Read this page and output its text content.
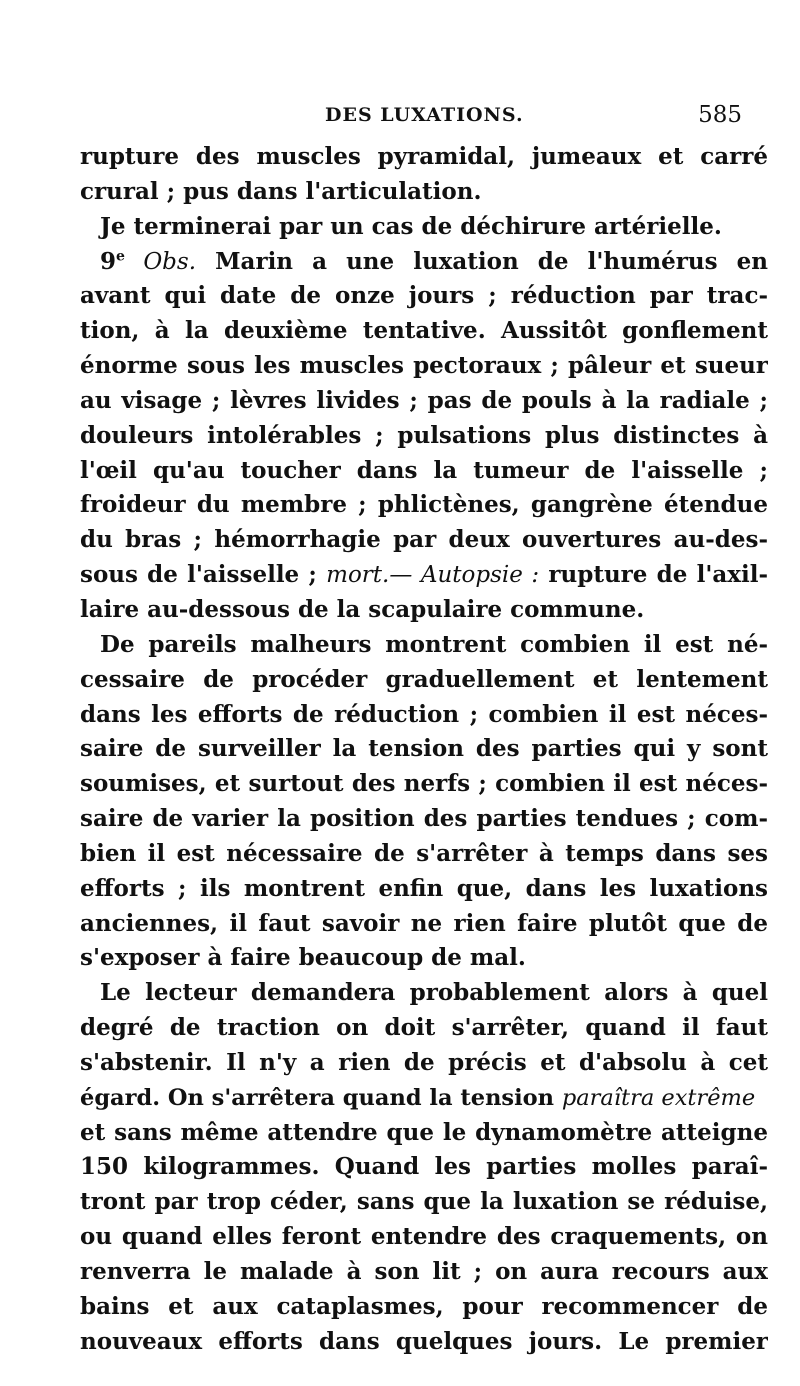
DES LUXATIONS.	585
rupture des muscles pyramidal, jumeaux et carré
crural ; pus dans l'articulation.
Je terminerai par un cas de déchirure artérielle.
9e Obs. Marin a une luxation de l'humérus en
avant qui date de onze jours ; réduction par trac-
tion, à la deuxième tentative. Aussitôt gonflement
énorme sous les muscles pectoraux ; pâleur et sueur
au visage ; lèvres livides ; pas de pouls à la radiale ;
douleurs intolérables ; pulsations plus distinctes à
l'œil qu'au toucher dans la tumeur de l'aisselle ;
froideur du membre ; phlictènes, gangrène étendue
du bras ; hémorrhagie par deux ouvertures au-des-
sous de l'aisselle ; mort.— Autopsie : rupture de l'axil-
laire au-dessous de la scapulaire commune.
De pareils malheurs montrent combien il est né-
cessaire de procéder graduellement et lentement
dans les efforts de réduction ; combien il est néces-
saire de surveiller la tension des parties qui y sont
soumises, et surtout des nerfs ; combien il est néces-
saire de varier la position des parties tendues ; com-
bien il est nécessaire de s'arrêter à temps dans ses
efforts ; ils montrent enfin que, dans les luxations
anciennes, il faut savoir ne rien faire plutôt que de
s'exposer à faire beaucoup de mal.
Le lecteur demandera probablement alors à quel
degré de traction on doit s'arrêter, quand il faut
s'abstenir. Il n'y a rien de précis et d'absolu à cet
égard. On s'arrêtera quand la tension paraîtra extrême
et sans même attendre que le dynamomètre atteigne
150 kilogrammes. Quand les parties molles paraî-
tront par trop céder, sans que la luxation se réduise,
ou quand elles feront entendre des craquements, on
renverra le malade à son lit ; on aura recours aux
bains et aux cataplasmes, pour recommencer de
nouveaux efforts dans quelques jours. Le premier
